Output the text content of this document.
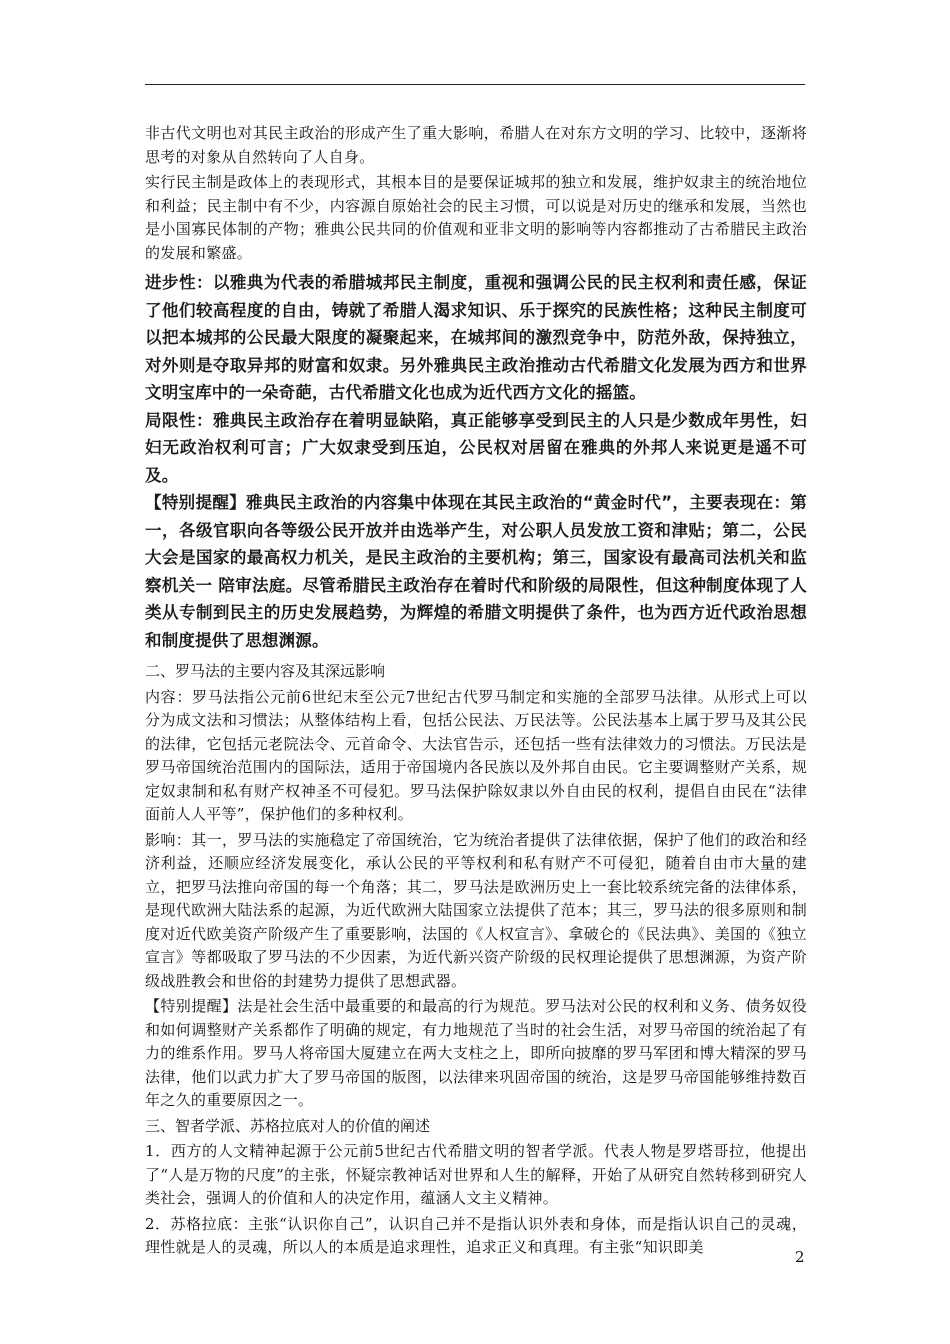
非古代文明也对其民主政治的形成产生了重大影响，希腊人在对东方文明的学习、比较中，逐渐将思考的对象从自然转向了人自身。

实行民主制是政体上的表现形式，其根本目的是要保证城邦的独立和发展，维护奴隶主的统治地位和利益；民主制中有不少，内容源自原始社会的民主习惯，可以说是对历史的继承和发展，当然也是小国寡民体制的产物；雅典公民共同的价值观和亚非文明的影响等内容都推动了古希腊民主政治的发展和繁盛。

进步性：以雅典为代表的希腊城邦民主制度，重视和强调公民的民主权利和责任感，保证了他们较高程度的自由，铸就了希腊人渴求知识、乐于探究的民族性格；这种民主制度可以把本城邦的公民最大限度的凝聚起来，在城邦间的激烈竞争中，防范外敌，保持独立，对外则是夺取异邦的财富和奴隶。另外雅典民主政治推动古代希腊文化发展为西方和世界文明宝库中的一朵奇葩，古代希腊文化也成为近代西方文化的摇篮。

局限性：雅典民主政治存在着明显缺陷，真正能够享受到民主的人只是少数成年男性，妇妇无政治权利可言；广大奴隶受到压迫，公民权对居留在雅典的外邦人来说更是遥不可及。

【特别提醒】雅典民主政治的内容集中体现在其民主政治的“黄金时代”，主要表现在：第一，各级官职向各等级公民开放并由选举产生，对公职人员发放工资和津贴；第二，公民大会是国家的最高权力机关，是民主政治的主要机构；第三，国家设有最高司法机关和监察机关一 陪审法庭。尽管希腊民主政治存在着时代和阶级的局限性，但这种制度体现了人类从专制到民主的历史发展趋势，为辉煌的希腊文明提供了条件，也为西方近代政治思想和制度提供了思想渊源。

二、罗马法的主要内容及其深远影响

内容：罗马法指公元前6世纪末至公元7世纪古代罗马制定和实施的全部罗马法律。从形式上可以分为成文法和习惯法；从整体结构上看，包括公民法、万民法等。公民法基本上属于罗马及其公民的法律，它包括元老院法令、元首命令、大法官告示，还包括一些有法律效力的习惯法。万民法是罗马帝国统治范围内的国际法，适用于帝国境内各民族以及外邦自由民。它主要调整财产关系，规定奴隶制和私有财产权神圣不可侵犯。罗马法保护除奴隶以外自由民的权利，提倡自由民在“法律面前人人平等”，保护他们的多种权利。

影响：其一，罗马法的实施稳定了帝国统治，它为统治者提供了法律依据，保护了他们的政治和经济利益，还顺应经济发展变化，承认公民的平等权利和私有财产不可侵犯，随着自由市大量的建立，把罗马法推向帝国的每一个角落；其二，罗马法是欧洲历史上一套比较系统完备的法律体系，是现代欧洲大陆法系的起源，为近代欧洲大陆国家立法提供了范本；其三，罗马法的很多原则和制度对近代欧美资产阶级产生了重要影响，法国的《人权宣言》、拿破仑的《民法典》、美国的《独立宣言》等都吸取了罗马法的不少因素，为近代新兴资产阶级的民权理论提供了思想渊源，为资产阶级战胜教会和世俗的封建势力提供了思想武器。

【特别提醒】法是社会生活中最重要的和最高的行为规范。罗马法对公民的权利和义务、债务奴役和如何调整财产关系都作了明确的规定，有力地规范了当时的社会生活，对罗马帝国的统治起了有力的维系作用。罗马人将帝国大厦建立在两大支柱之上，即所向披靡的罗马军团和博大精深的罗马法律，他们以武力扩大了罗马帝国的版图，以法律来巩固帝国的统治，这是罗马帝国能够维持数百年之久的重要原因之一。

三、智者学派、苏格拉底对人的价值的阐述

1．西方的人文精神起源于公元前5世纪古代希腊文明的智者学派。代表人物是罗塔哥拉，他提出了“人是万物的尺度”的主张，怀疑宗教神话对世界和人生的解释，开始了从研究自然转移到研究人类社会，强调人的价值和人的决定作用，蕴涵人文主义精神。

2．苏格拉底：主张“认识你自己”，认识自己并不是指认识外表和身体，而是指认识自己的灵魂，理性就是人的灵魂，所以人的本质是追求理性，追求正义和真理。有主张“知识即美

2
